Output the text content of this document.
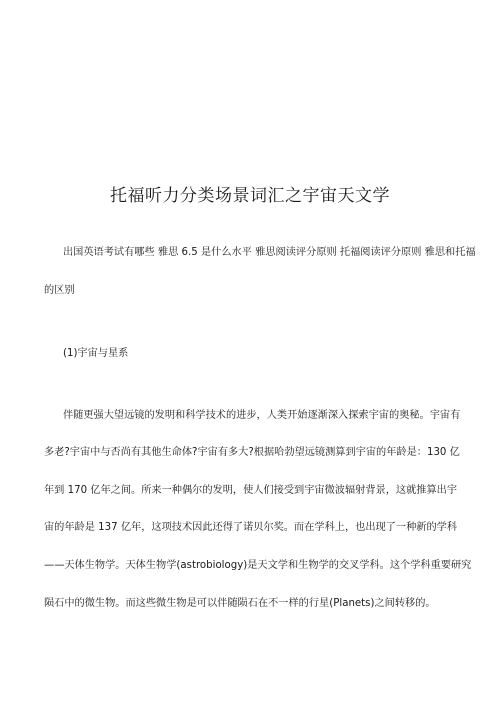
托福听力分类场景词汇之宇宙天文学
出国英语考试有哪些 雅思 6.5 是什么水平 雅思阅读评分原则 托福阅读评分原则 雅思和托福
的区别
(1)宇宙与星系
伴随更强大望远镜的发明和科学技术的进步，人类开始逐渐深入探索宇宙的奥秘。宇宙有
多老?宇宙中与否尚有其他生命体?宇宙有多大?根据哈勃望远镜测算到宇宙的年龄是：130 亿
年到 170 亿年之间。所来一种偶尔的发明，使人们接受到宇宙微波辐射背景，这就推算出宇
宙的年龄是 137 亿年，这项技术因此还得了诺贝尔奖。而在学科上，也出现了一种新的学科
——天体生物学。天体生物学(astrobiology)是天文学和生物学的交叉学科。这个学科重要研究
陨石中的微生物。而这些微生物是可以伴随陨石在不一样的行星(Planets)之间转移的。
